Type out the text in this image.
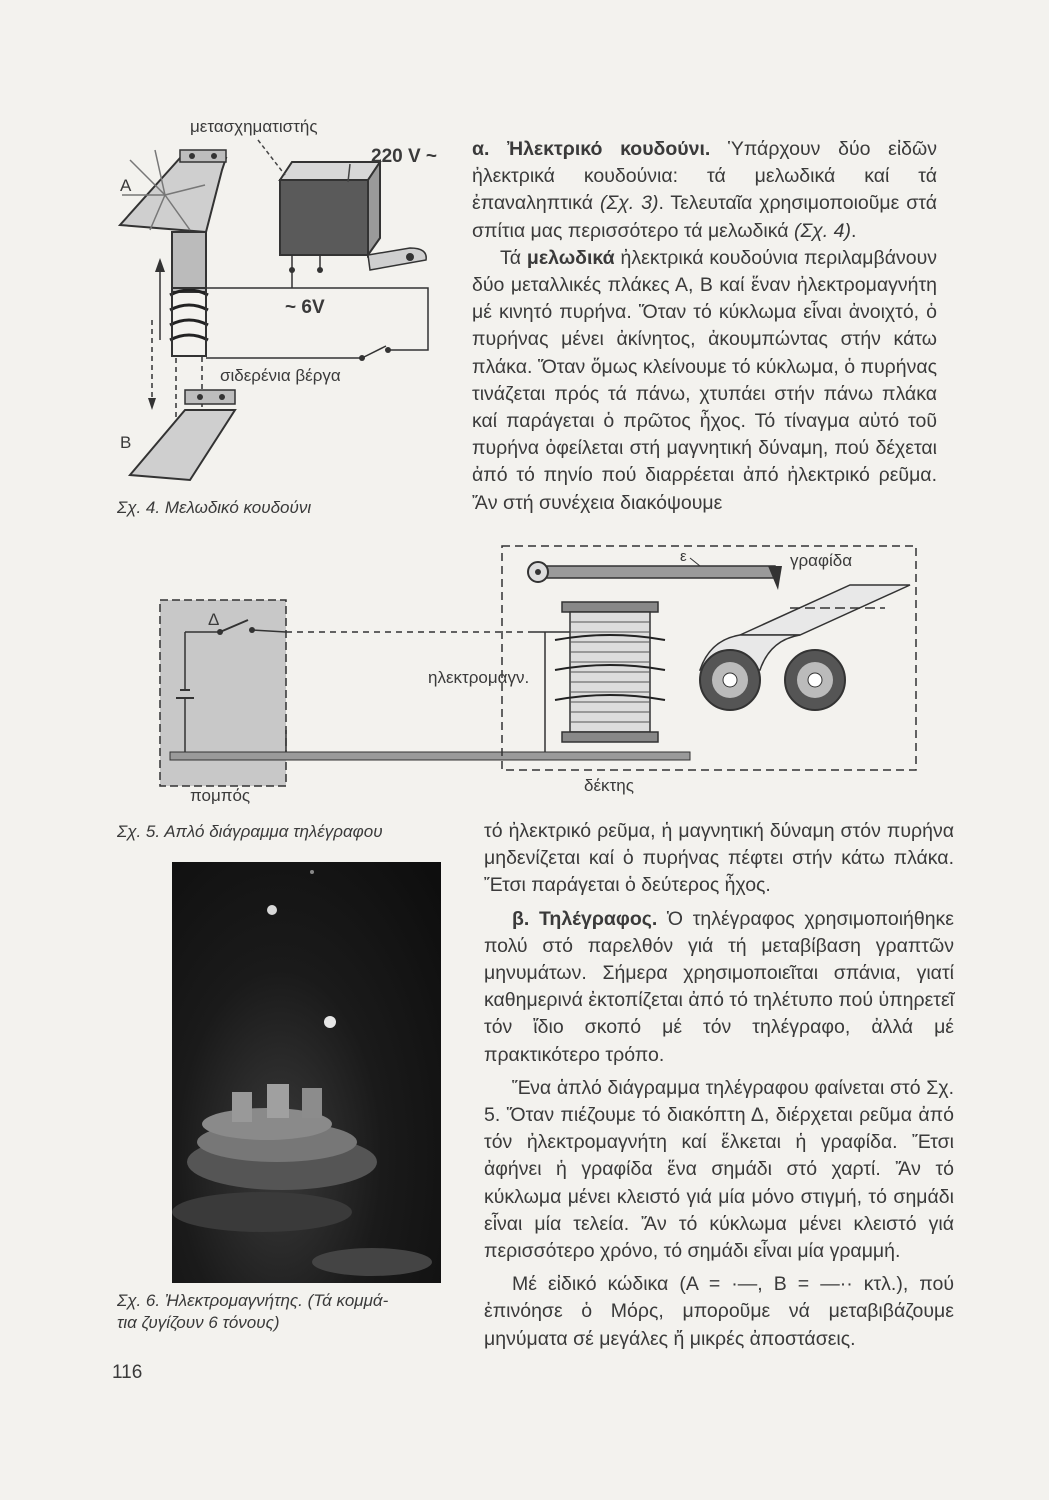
μετασχηματιστής
220 V ~
A
B
~ 6V
σιδερένια βέργα
Σχ. 4. Μελωδικό κουδούνι

α. Ἠλεκτρικό κουδούνι. Ὑπάρχουν δύο εἰδῶν ἠλεκτρικά κουδούνια: τά μελωδικά καί τά ἐπαναληπτικά (Σχ. 3). Τελευταῖα χρησιμοποιοῦμε στά σπίτια μας περισσότερο τά μελωδικά (Σχ. 4).

Τά μελωδικά ἠλεκτρικά κουδούνια περιλαμβάνουν δύο μεταλλικές πλάκες Α, Β καί ἕναν ἠλεκτρομαγνήτη μέ κινητό πυρήνα. Ὅταν τό κύκλωμα εἶναι ἀνοιχτό, ὁ πυρήνας μένει ἀκίνητος, ἀκουμπώντας στήν κάτω πλάκα. Ὅταν ὅμως κλείνουμε τό κύκλωμα, ὁ πυρήνας τινάζεται πρός τά πάνω, χτυπάει στήν πάνω πλάκα καί παράγεται ὁ πρῶτος ἦχος. Τό τίναγμα αὐτό τοῦ πυρήνα ὀφείλεται στή μαγνητική δύναμη, πού δέχεται ἀπό τό πηνίο πού διαρρέεται ἀπό ἠλεκτρικό ρεῦμα. Ἄν στή συνέχεια διακόψουμε

Δ
ηλεκτρομαγν.
ε	γραφίδα
δέκτης
πομπός
Σχ. 5. Απλό διάγραμμα τηλέγραφου	τό ἠλεκτρικό ρεῦμα, ἡ μαγνητική δύναμη στόν πυρήνα μηδενίζεται καί ὁ πυρήνας πέφτει στήν κάτω πλάκα. Ἔτσι παράγεται ὁ δεύτερος ἦχος.

β. Τηλέγραφος. Ὁ τηλέγραφος χρησιμοποιήθηκε πολύ στό παρελθόν γιά τή μεταβίβαση γραπτῶν μηνυμάτων. Σήμερα χρησιμοποιεῖται σπάνια, γιατί καθημερινά ἐκτοπίζεται ἀπό τό τηλέτυπο πού ὑπηρετεῖ τόν ἴδιο σκοπό μέ τόν τηλέγραφο, ἀλλά μέ πρακτικότερο τρόπο.

Ἕνα ἁπλό διάγραμμα τηλέγραφου φαίνεται στό Σχ. 5. Ὅταν πιέζουμε τό διακόπτη Δ, διέρχεται ρεῦμα ἀπό τόν ἠλεκτρομαγνήτη καί ἕλκεται ἡ γραφίδα. Ἔτσι ἀφήνει ἡ γραφίδα ἕνα σημάδι στό χαρτί. Ἄν τό κύκλωμα μένει κλειστό γιά μία μόνο στιγμή, τό σημάδι εἶναι μία τελεία. Ἄν τό κύκλωμα μένει κλειστό γιά περισσότερο χρόνο, τό σημάδι εἶναι μία γραμμή.

Μέ εἰδικό κώδικα (Α = ·—, Β = —·· κτλ.), πού ἐπινόησε ὁ Μόρς, μποροῦμε νά μεταβιβάζουμε μηνύματα σέ μεγάλες ἤ μικρές ἀποστάσεις.

Σχ. 6. Ἠλεκτρομαγνήτης. (Τά κομμά-
τια ζυγίζουν 6 τόνους)
116
